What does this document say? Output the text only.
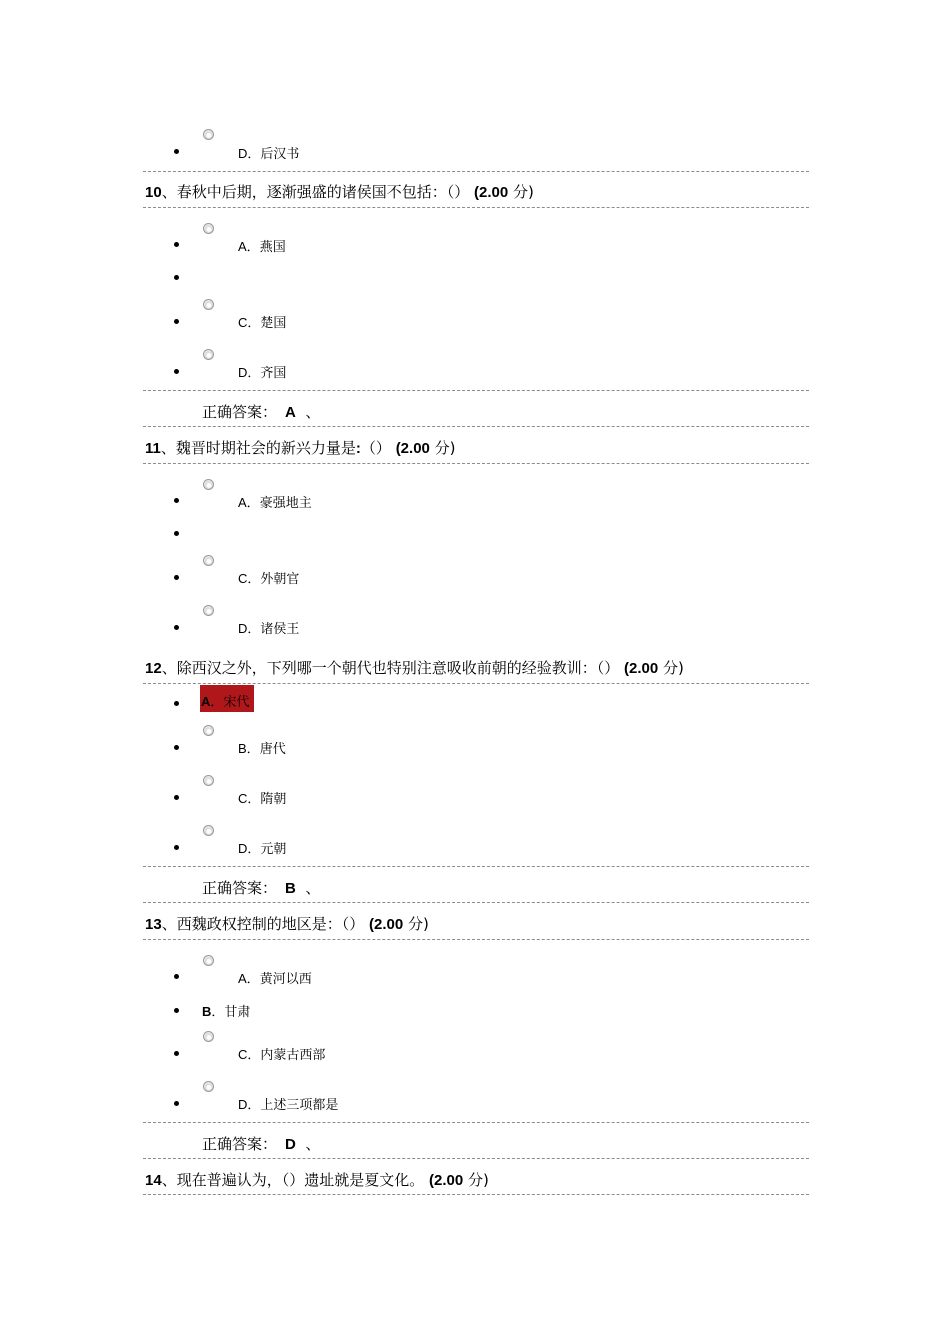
D．后汉书
10、春秋中后期，逐渐强盛的诸侯国不包括：（） (2.00 分)
A．燕国
C．楚国
D．齐国
正确答案： A 、
11、魏晋时期社会的新兴力量是:（） (2.00 分)
A．豪强地主
C．外朝官
D．诸侯王
12、除西汉之外，下列哪一个朝代也特别注意吸收前朝的经验教训：（） (2.00 分)
A．宋代
B．唐代
C．隋朝
D．元朝
正确答案： B 、
13、西魏政权控制的地区是：（） (2.00 分)
A．黄河以西
B．甘肃
C．内蒙古西部
D．上述三项都是
正确答案： D 、
14、现在普遍认为，（）遗址就是夏文化。 (2.00 分)
